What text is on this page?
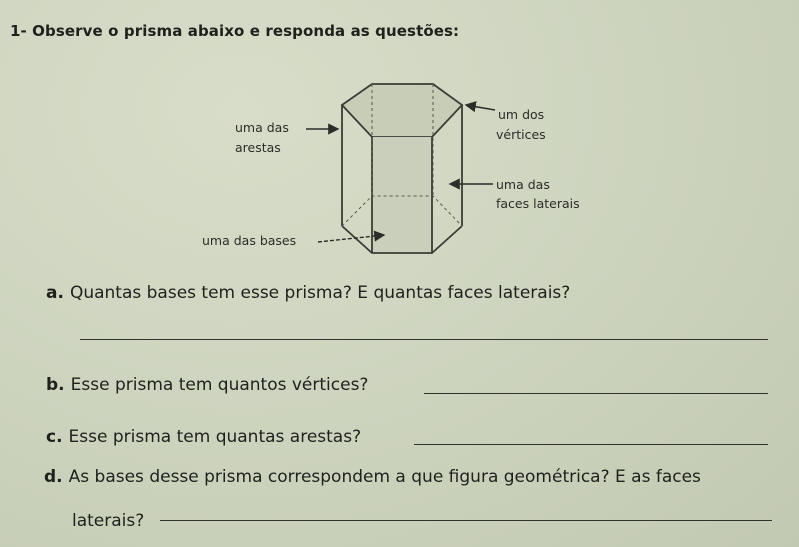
1- Observe o prisma abaixo e responda as questões:
uma das
arestas
uma das bases
um dos
vértices
uma das
faces laterais
a. Quantas bases tem esse prisma? E quantas faces laterais?
b. Esse prisma tem quantos vértices?
c. Esse prisma tem quantas arestas?
d. As bases desse prisma correspondem a que figura geométrica? E as faces
laterais?
